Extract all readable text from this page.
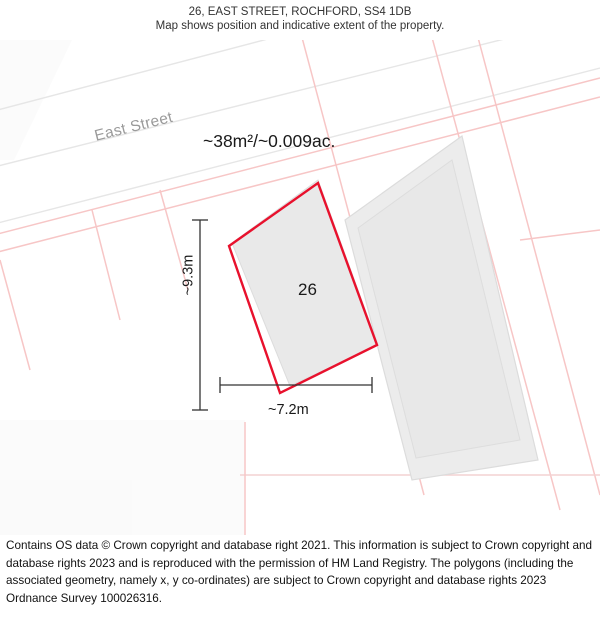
26, EAST STREET, ROCHFORD, SS4 1DB
Map shows position and indicative extent of the property.
East Street ~38m²/~0.009ac.
26
~9.3m
~7.2m
Contains OS data © Crown copyright and database right 2021. This information is subject to Crown copyright and database rights 2023 and is reproduced with the permission of HM Land Registry. The polygons (including the associated geometry, namely x, y co-ordinates) are subject to Crown copyright and database rights 2023 Ordnance Survey 100026316.
